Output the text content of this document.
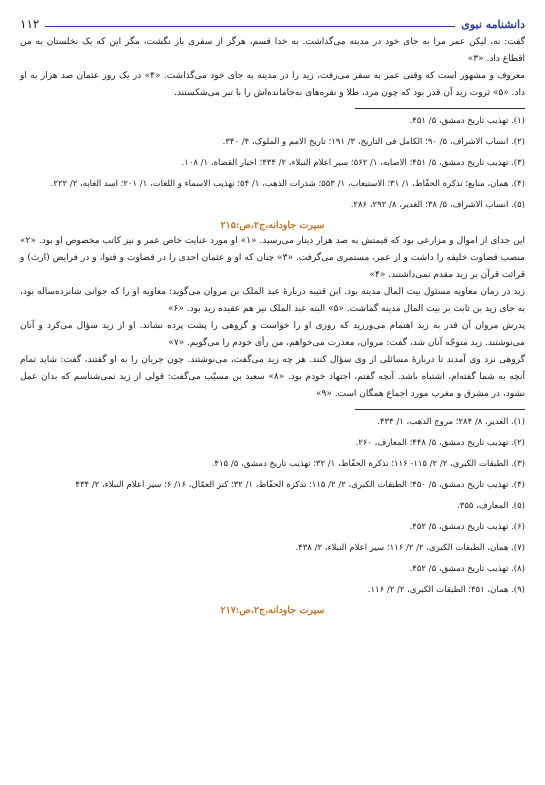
۱۱۲	دانشنامه نبوی

گفت: نه، لیکن عمر مرا به جای خود در مدینه می‌گذاشت. به خدا قسم، هرگز از سفری باز نگشت، مگر این که یک نخلستان به من اقطاع داد. «۳»

معروف و مشهور است که وقتی عمر به سفر می‌رفت، زید را در مدینه به جای خود می‌گذاشت. «۴» در یک روز عثمان صد هزار به او داد. «۵» ثروت زید آن قدر بود که چون مرد، طلا و نقره‌های به‌جامانده‌اش را با تبر می‌شکستند.

(۱). تهذیب تاریخ دمشق، ۵/ ۴۵۱.
(۲). انساب الاشراف، ۵/ ۹۰؛ الکامل فی التاریخ، ۳/ ۱۹۱؛ تاریخ الامم و الملوک، ۴/ ۳۴۰.
(۳). تهذیب تاریخ دمشق، ۵/ ۴۵۱؛ الاصابه، ۱/ ۵۶۲؛ سیر اعلام النبلاء، ۲/ ۴۳۴؛ اخبار القضاة، ۱/ ۱۰۸.
(۴). همان، منابع؛ تذکرة الحفّاظ، ۱/ ۳۱؛ الاستیعاب، ۱/ ۵۵۳؛ شذرات الذهب، ۱/ ۵۴؛ تهذیب الاسماء و اللغات، ۱/ ۲۰۱؛ اسد الغابه، ۲/ ۲۲۲.
(۵). انساب الاشراف، ۵/ ۳۸؛ الغدیر، ۸/ ۲۹۲، ۲۸۶.
سیرت جاودانه،ج‏۲،ص:۲۱۵

این جدای از اموال و مزارعی بود که قیمتش به صد هزار دینار می‌رسید. «۱» او مورد عنایت خاص عمر و نیز کاتب مخصوص او بود. «۲» منصب قضاوت خلیفه را داشت و از عمر، مستمری می‌گرفت. «۳» چنان که او و عثمان احدی را در قضاوت و فتوا، و در فرایض (ارث) و قرائت قرآن بر زید مقدم نمی‌داشتند. «۴»

زید در زمان معاویه مسئول بیت المال مدینه بود. ابن قتیبه دربارهٔ عبد الملک بن مروان می‌گوید: معاویه او را که جوانی شانزده‌ساله بود، به جای زید بن ثابت بر بیت المال مدینه گماشت. «۵» البته عبد الملک نیز هم عقیده زید بود. «۶»

پدرش مروان آن قدر به زید اهتمام می‌ورزید که روزی او را خواست و گروهی را پشت پرده نشاند. او از زید سؤال می‌کرد و آنان می‌نوشتند. زید متوجّه آنان شد، گفت: مروان، معذرت می‌خواهم، من رأی خودم را می‌گویم. «۷»

گروهی نزد وی آمدند تا دربارهٔ مسائلی از وی سؤال کنند. هر چه زید می‌گفت، می‌نوشتند. چون جریان را به او گفتند، گفت: شاید تمام آنچه به شما گفته‌ام، اشتباه باشد. آنچه گفتم، اجتهاد خودم بود. «۸» سعید بن مسیّب می‌گفت: قولی از زید نمی‌شناسم که بدان عمل نشود، در مشرق و مغرب مورد اجماع همگان است. «۹»

(۱). الغدیر، ۸/ ۲۸۴؛ مروج الذهب، ۱/ ۴۳۴.
(۲). تهذیب تاریخ دمشق، ۵/ ۴۴۸؛ المعارف، ۲۶۰.
(۳). الطبقات الکبری، ۲/ ۲/ ۱۱۵- ۱۱۶؛ تذکرة الحفّاظ، ۱/ ۳۲؛ تهذیب تاریخ دمشق، ۵/ ۴۱۵.
(۴). تهذیب تاریخ دمشق، ۵/ ۴۵۰؛ الطبقات الکبری، ۲/ ۲/ ۱۱۵؛ تذکرة الحفّاظ، ۱/ ۳۲؛ کنز العمّال، ۱۶/ ۶؛ سیر اعلام النبلاء، ۲/ ۴۳۴
(۵). المعارف، ۳۵۵.
(۶). تهذیب تاریخ دمشق، ۵/ ۴۵۲.
(۷). همان، الطبقات الکبری، ۲/ ۲/ ۱۱۶؛ سیر اعلام النبلاء، ۲/ ۴۳۸.
(۸). تهذیب تاریخ دمشق، ۵/ ۴۵۲.
(۹). همان، ۴۵۱؛ الطبقات الکبری، ۲/ ۲/ ۱۱۶.
سیرت جاودانه،ج‏۲،ص:۲۱۷
